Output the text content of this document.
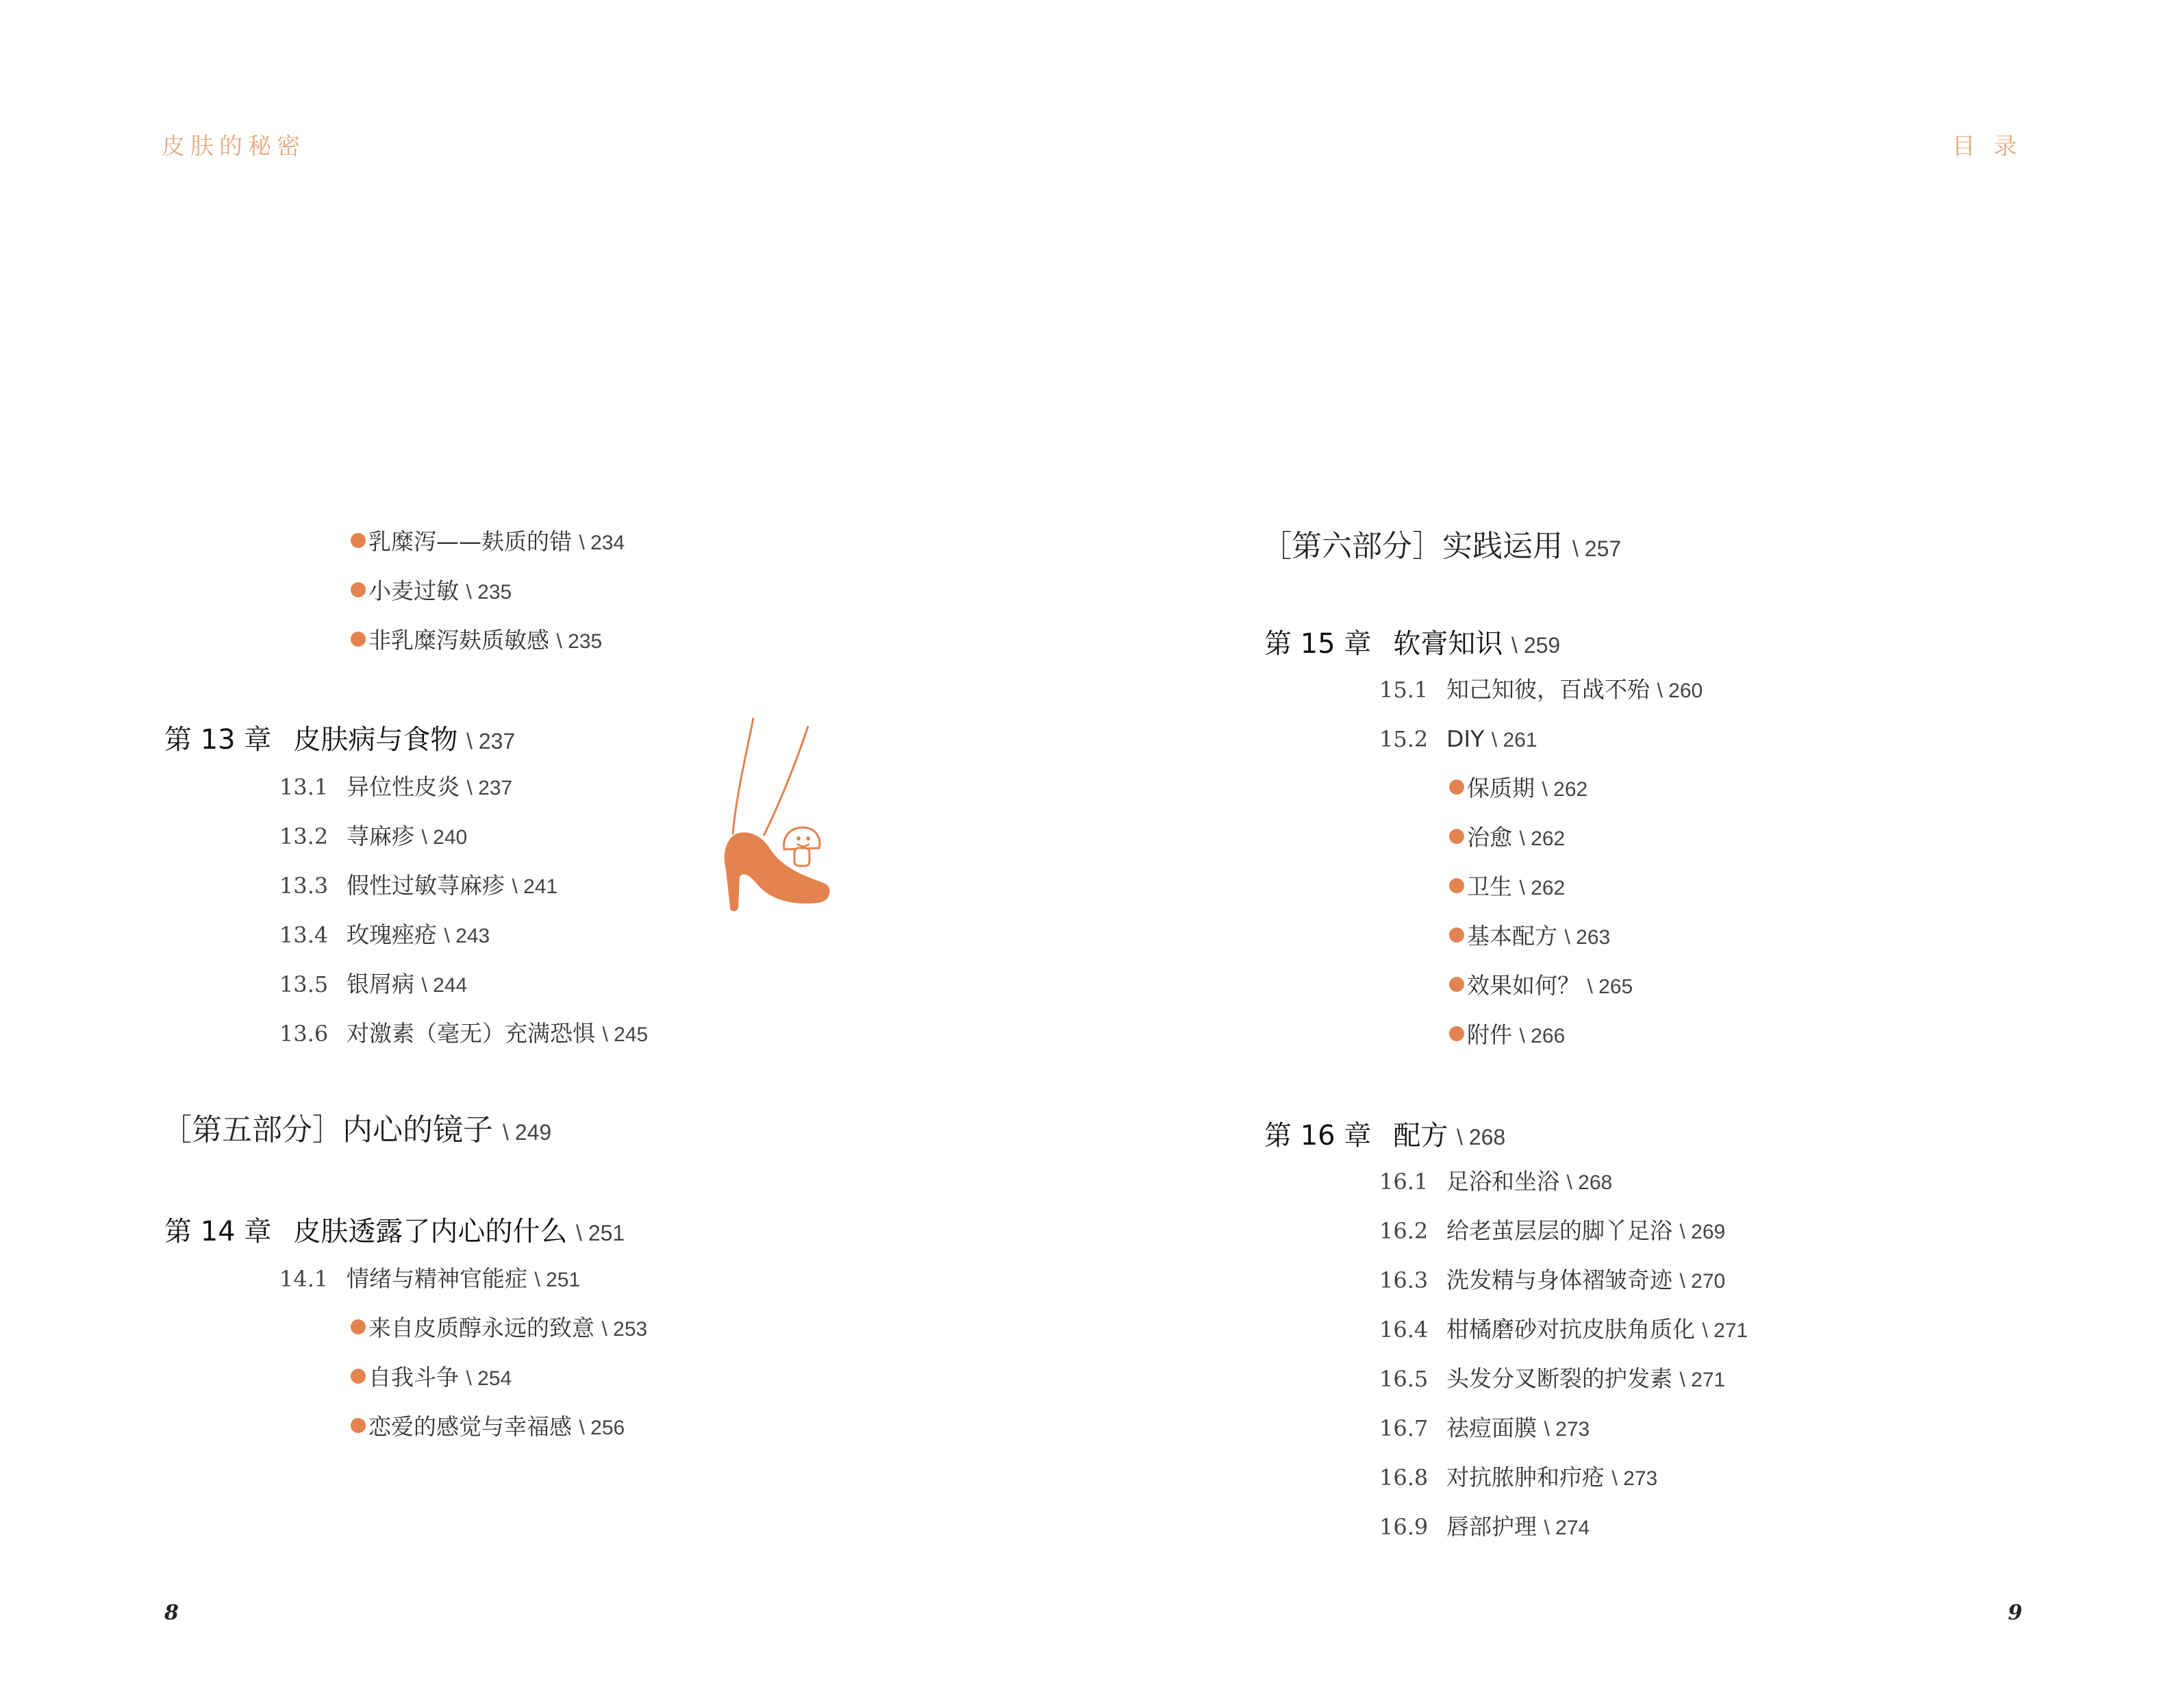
皮肤的秘密	目 录
乳糜泻——麸质的错 \ 234
小麦过敏 \ 235
非乳糜泻麸质敏感 \ 235
第 13 章 皮肤病与食物 \ 237
13.1 异位性皮炎 \ 237
13.2 荨麻疹 \ 240
13.3 假性过敏荨麻疹 \ 241
13.4 玫瑰痤疮 \ 243
13.5 银屑病 \ 244
13.6 对激素（毫无）充满恐惧 \ 245
［第五部分］内心的镜子 \ 249
第 14 章 皮肤透露了内心的什么 \ 251
14.1 情绪与精神官能症 \ 251
来自皮质醇永远的致意 \ 253
自我斗争 \ 254
恋爱的感觉与幸福感 \ 256
8
［第六部分］实践运用 \ 257
第 15 章 软膏知识 \ 259
15.1 知己知彼，百战不殆 \ 260
15.2 DIY \ 261
保质期 \ 262
治愈 \ 262
卫生 \ 262
基本配方 \ 263
效果如何？ \ 265
附件 \ 266
第 16 章 配方 \ 268
16.1 足浴和坐浴 \ 268
16.2 给老茧层层的脚丫足浴 \ 269
16.3 洗发精与身体褶皱奇迹 \ 270
16.4 柑橘磨砂对抗皮肤角质化 \ 271
16.5 头发分叉断裂的护发素 \ 271
16.7 祛痘面膜 \ 273
16.8 对抗脓肿和疖疮 \ 273
16.9 唇部护理 \ 274
9
